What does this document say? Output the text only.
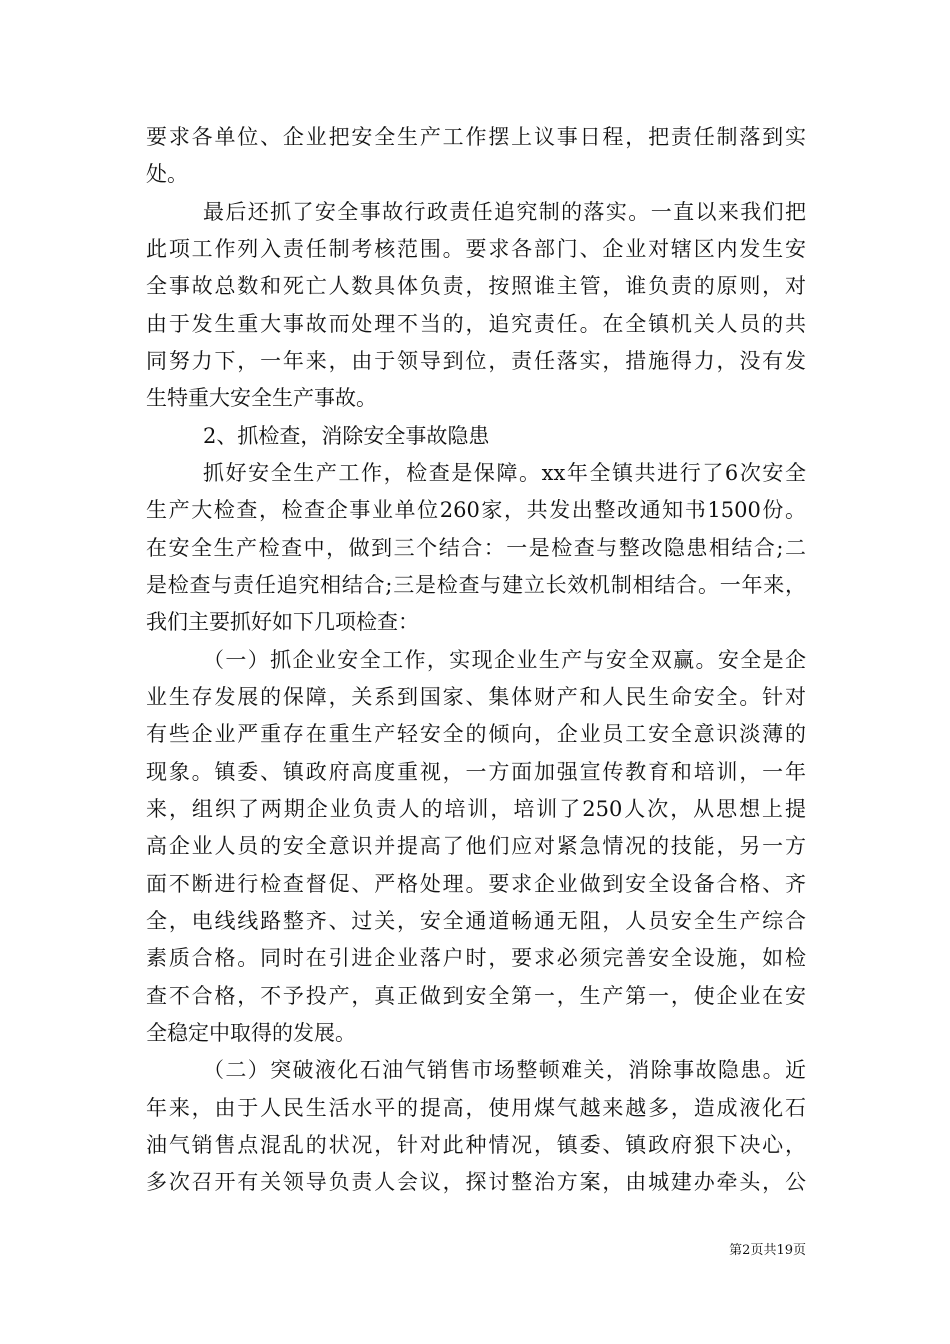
要求各单位、企业把安全生产工作摆上议事日程，把责任制落到实
处。
最后还抓了安全事故行政责任追究制的落实。一直以来我们把
此项工作列入责任制考核范围。要求各部门、企业对辖区内发生安
全事故总数和死亡人数具体负责，按照谁主管，谁负责的原则，对
由于发生重大事故而处理不当的，追究责任。在全镇机关人员的共
同努力下，一年来，由于领导到位，责任落实，措施得力，没有发
生特重大安全生产事故。
2、抓检查，消除安全事故隐患
抓好安全生产工作，检查是保障。xx年全镇共进行了6次安全
生产大检查，检查企事业单位260家，共发出整改通知书1500份。
在安全生产检查中，做到三个结合：一是检查与整改隐患相结合;二
是检查与责任追究相结合;三是检查与建立长效机制相结合。一年来，
我们主要抓好如下几项检查：
（一）抓企业安全工作，实现企业生产与安全双赢。安全是企
业生存发展的保障，关系到国家、集体财产和人民生命安全。针对
有些企业严重存在重生产轻安全的倾向，企业员工安全意识淡薄的
现象。镇委、镇政府高度重视，一方面加强宣传教育和培训，一年
来，组织了两期企业负责人的培训，培训了250人次，从思想上提
高企业人员的安全意识并提高了他们应对紧急情况的技能，另一方
面不断进行检查督促、严格处理。要求企业做到安全设备合格、齐
全，电线线路整齐、过关，安全通道畅通无阻，人员安全生产综合
素质合格。同时在引进企业落户时，要求必须完善安全设施，如检
查不合格，不予投产，真正做到安全第一，生产第一，使企业在安
全稳定中取得的发展。
（二）突破液化石油气销售市场整顿难关，消除事故隐患。近
年来，由于人民生活水平的提高，使用煤气越来越多，造成液化石
油气销售点混乱的状况，针对此种情况，镇委、镇政府狠下决心，
多次召开有关领导负责人会议，探讨整治方案，由城建办牵头，公
第2页共19页
